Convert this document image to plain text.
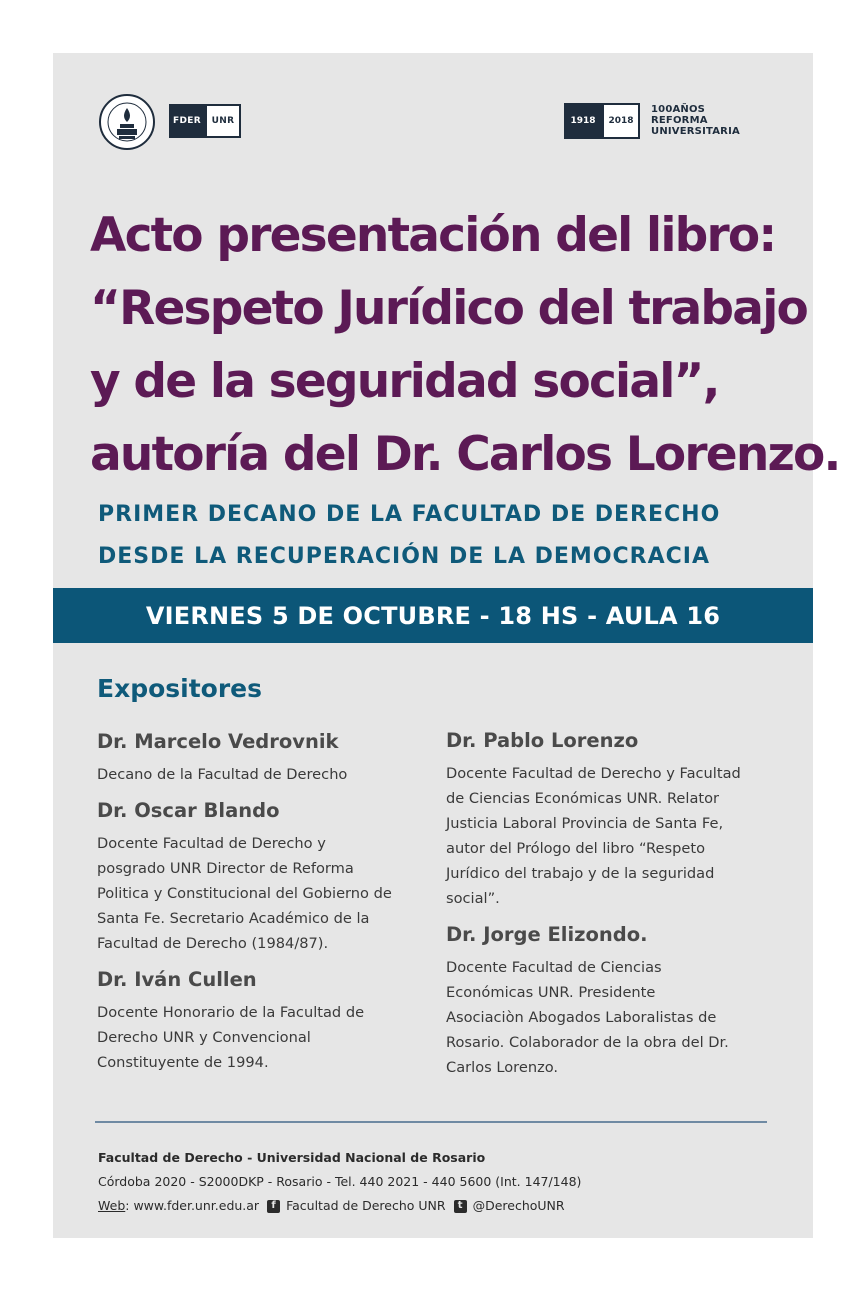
FDER	UNR	1918	2018
100AÑOS
REFORMA
UNIVERSITARIA
Acto presentación del libro:
“Respeto Jurídico del trabajo
y de la seguridad social”,
autoría del Dr. Carlos Lorenzo.
PRIMER DECANO DE LA FACULTAD DE DERECHO
DESDE LA RECUPERACIÓN DE LA DEMOCRACIA
VIERNES 5 DE OCTUBRE - 18 HS - AULA 16
Expositores
Dr. Marcelo Vedrovnik
Decano de la Facultad de Derecho
Dr. Oscar Blando
Docente Facultad de Derecho y
posgrado UNR Director de Reforma
Politica y Constitucional del Gobierno de
Santa Fe. Secretario Académico de la
Facultad de Derecho (1984/87).
Dr. Iván Cullen
Docente Honorario de la Facultad de
Derecho UNR y Convencional
Constituyente de 1994.
Dr. Pablo Lorenzo
Docente Facultad de Derecho y Facultad
de Ciencias Económicas UNR. Relator
Justicia Laboral Provincia de Santa Fe,
autor del Prólogo del libro “Respeto
Jurídico del trabajo y de la seguridad
social”.
Dr. Jorge Elizondo.
Docente Facultad de Ciencias
Económicas UNR. Presidente
Asociaciòn Abogados Laboralistas de
Rosario. Colaborador de la obra del Dr.
Carlos Lorenzo.
Facultad de Derecho - Universidad Nacional de Rosario
Córdoba 2020 - S2000DKP - Rosario - Tel. 440 2021 - 440 5600 (Int. 147/148)
Web : www.fder.unr.edu.ar	f Facultad de Derecho UNR	t @DerechoUNR
